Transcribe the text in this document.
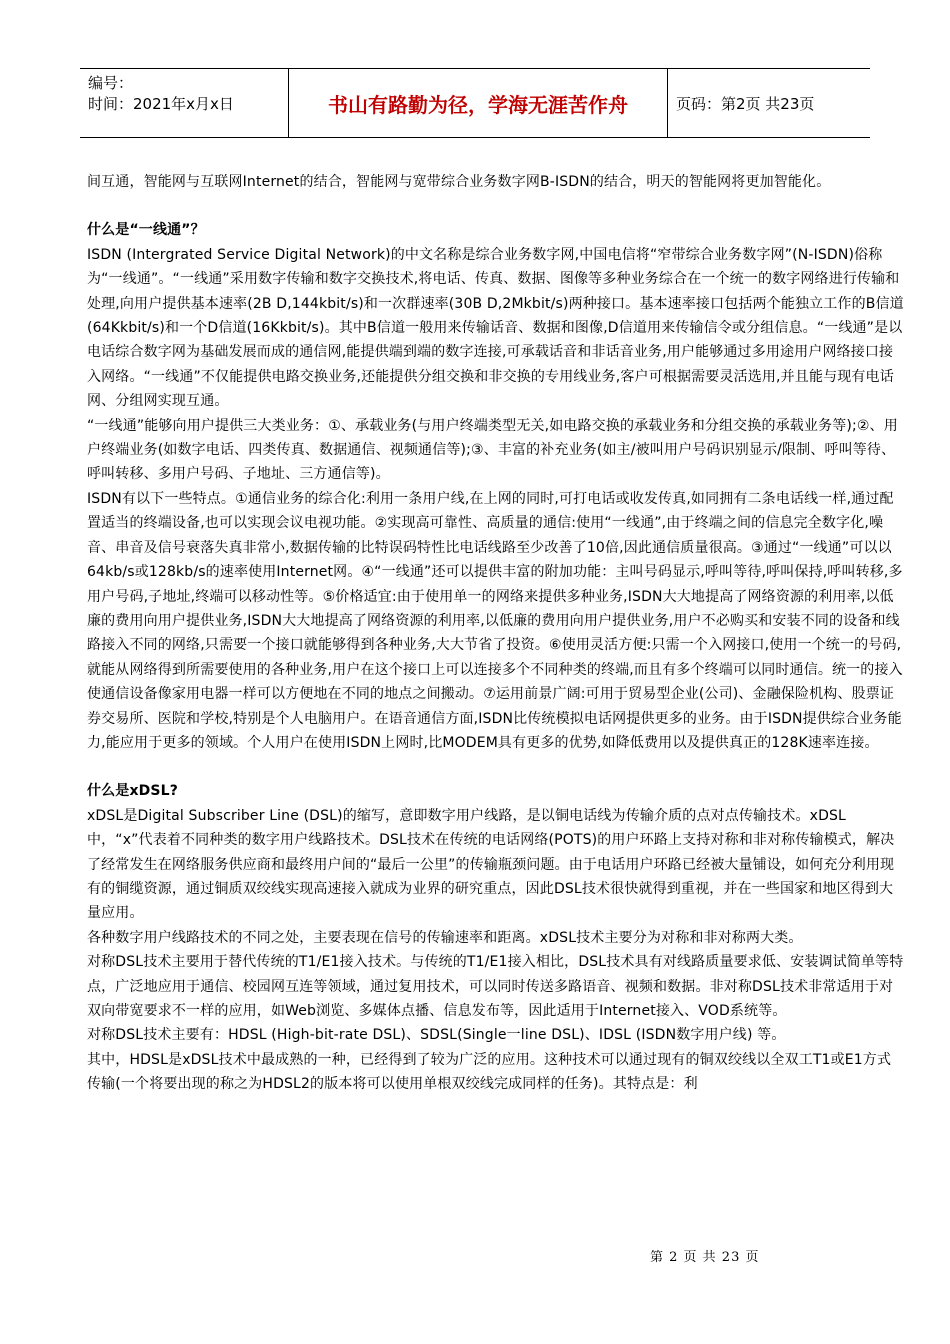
编号：
时间：2021年x月x日	书山有路勤为径，学海无涯苦作舟	页码：第2页 共23页

间互通，智能网与互联网Internet的结合，智能网与宽带综合业务数字网B-ISDN的结合，明天的智能网将更加智能化。

什么是“一线通”？

ISDN (Intergrated Service Digital Network)的中文名称是综合业务数字网,中国电信将“窄带综合业务数字网”(N-ISDN)俗称为“一线通”。“一线通”采用数字传输和数字交换技术,将电话、传真、数据、图像等多种业务综合在一个统一的数字网络进行传输和处理,向用户提供基本速率(2B D,144kbit/s)和一次群速率(30B D,2Mkbit/s)两种接口。基本速率接口包括两个能独立工作的B信道(64Kkbit/s)和一个D信道(16Kkbit/s)。其中B信道一般用来传输话音、数据和图像,D信道用来传输信令或分组信息。“一线通”是以电话综合数字网为基础发展而成的通信网,能提供端到端的数字连接,可承载话音和非话音业务,用户能够通过多用途用户网络接口接入网络。“一线通”不仅能提供电路交换业务,还能提供分组交换和非交换的专用线业务,客户可根据需要灵活选用,并且能与现有电话网、分组网实现互通。

“一线通”能够向用户提供三大类业务：①、承载业务(与用户终端类型无关,如电路交换的承载业务和分组交换的承载业务等);②、用户终端业务(如数字电话、四类传真、数据通信、视频通信等);③、丰富的补充业务(如主/被叫用户号码识别显示/限制、呼叫等待、呼叫转移、多用户号码、子地址、三方通信等)。

ISDN有以下一些特点。①通信业务的综合化:利用一条用户线,在上网的同时,可打电话或收发传真,如同拥有二条电话线一样,通过配置适当的终端设备,也可以实现会议电视功能。②实现高可靠性、高质量的通信:使用“一线通”,由于终端之间的信息完全数字化,噪音、串音及信号衰落失真非常小,数据传输的比特误码特性比电话线路至少改善了10倍,因此通信质量很高。③通过“一线通”可以以64kb/s或128kb/s的速率使用Internet网。④“一线通”还可以提供丰富的附加功能：主叫号码显示,呼叫等待,呼叫保持,呼叫转移,多用户号码,子地址,终端可以移动性等。⑤价格适宜:由于使用单一的网络来提供多种业务,ISDN大大地提高了网络资源的利用率,以低廉的费用向用户提供业务,ISDN大大地提高了网络资源的利用率,以低廉的费用向用户提供业务,用户不必购买和安装不同的设备和线路接入不同的网络,只需要一个接口就能够得到各种业务,大大节省了投资。⑥使用灵活方便:只需一个入网接口,使用一个统一的号码,就能从网络得到所需要使用的各种业务,用户在这个接口上可以连接多个不同种类的终端,而且有多个终端可以同时通信。统一的接入使通信设备像家用电器一样可以方便地在不同的地点之间搬动。⑦运用前景广阔:可用于贸易型企业(公司)、金融保险机构、股票证券交易所、医院和学校,特别是个人电脑用户。在语音通信方面,ISDN比传统模拟电话网提供更多的业务。由于ISDN提供综合业务能力,能应用于更多的领域。个人用户在使用ISDN上网时,比MODEM具有更多的优势,如降低费用以及提供真正的128K速率连接。

什么是xDSL?

xDSL是Digital Subscriber Line (DSL)的缩写，意即数字用户线路，是以铜电话线为传输介质的点对点传输技术。xDSL中，“x”代表着不同种类的数字用户线路技术。DSL技术在传统的电话网络(POTS)的用户环路上支持对称和非对称传输模式，解决了经常发生在网络服务供应商和最终用户间的“最后一公里”的传输瓶颈问题。由于电话用户环路已经被大量铺设，如何充分利用现有的铜缆资源，通过铜质双绞线实现高速接入就成为业界的研究重点，因此DSL技术很快就得到重视，并在一些国家和地区得到大量应用。

各种数字用户线路技术的不同之处，主要表现在信号的传输速率和距离。xDSL技术主要分为对称和非对称两大类。

对称DSL技术主要用于替代传统的T1/E1接入技术。与传统的T1/E1接入相比，DSL技术具有对线路质量要求低、安装调试简单等特点，广泛地应用于通信、校园网互连等领域，通过复用技术，可以同时传送多路语音、视频和数据。非对称DSL技术非常适用于对双向带宽要求不一样的应用，如Web浏览、多媒体点播、信息发布等，因此适用于Internet接入、VOD系统等。

对称DSL技术主要有：HDSL (High-bit-rate DSL)、SDSL(Single一line DSL)、IDSL (ISDN数字用户线) 等。

其中，HDSL是xDSL技术中最成熟的一种，已经得到了较为广泛的应用。这种技术可以通过现有的铜双绞线以全双工T1或E1方式传输(一个将要出现的称之为HDSL2的版本将可以使用单根双绞线完成同样的任务)。其特点是：利

第 2 页 共 23 页
